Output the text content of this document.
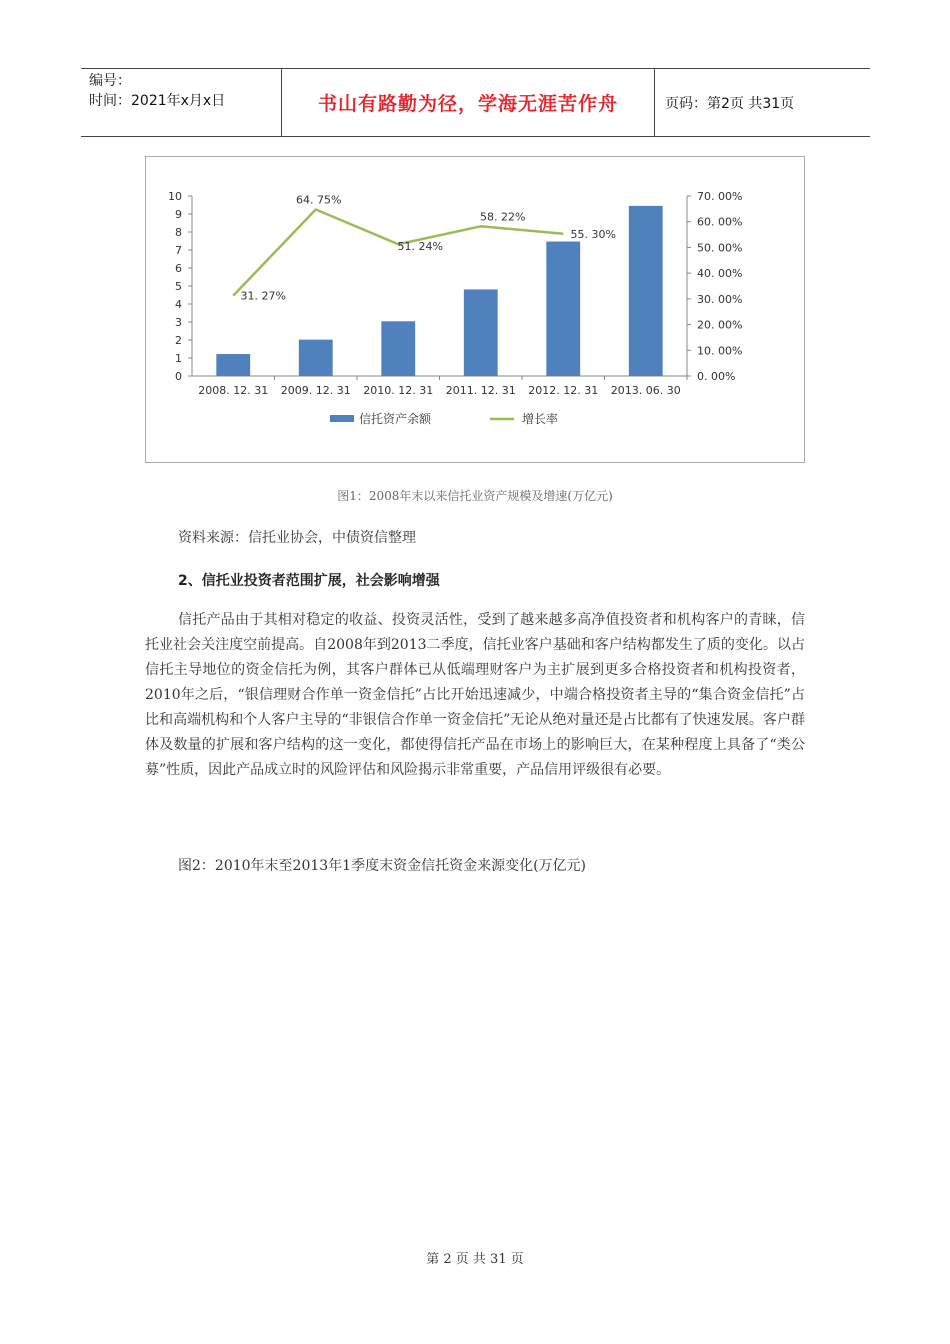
编号：
时间：2021年x月x日	书山有路勤为径，学海无涯苦作舟	页码：第2页 共31页
0
1
2
3
4
5
6
7
8
9
10
0. 00%
10. 00%
20. 00%
30. 00%
40. 00%
50. 00%
60. 00%
70. 00%
2008. 12. 31 2009. 12. 31 2010. 12. 31 2011. 12. 31 2012. 12. 31 2013. 06. 30
31. 27%
64. 75%
51. 24%
58. 22%
55. 30%
信托资产余额	增长率
图1：2008年末以来信托业资产规模及增速(万亿元)
资料来源：信托业协会，中债资信整理
2、信托业投资者范围扩展，社会影响增强
信托产品由于其相对稳定的收益、投资灵活性，受到了越来越多高净值投资者和机构客户的青睐，信托业社会关注度空前提高。自2008年到2013二季度，信托业客户基础和客户结构都发生了质的变化。以占信托主导地位的资金信托为例，其客户群体已从低端理财客户为主扩展到更多合格投资者和机构投资者，2010年之后，“银信理财合作单一资金信托”占比开始迅速减少，中端合格投资者主导的“集合资金信托”占比和高端机构和个人客户主导的“非银信合作单一资金信托”无论从绝对量还是占比都有了快速发展。客户群体及数量的扩展和客户结构的这一变化，都使得信托产品在市场上的影响巨大，在某种程度上具备了“类公募”性质，因此产品成立时的风险评估和风险揭示非常重要，产品信用评级很有必要。
图2：2010年末至2013年1季度末资金信托资金来源变化(万亿元)
第 2 页 共 31 页
